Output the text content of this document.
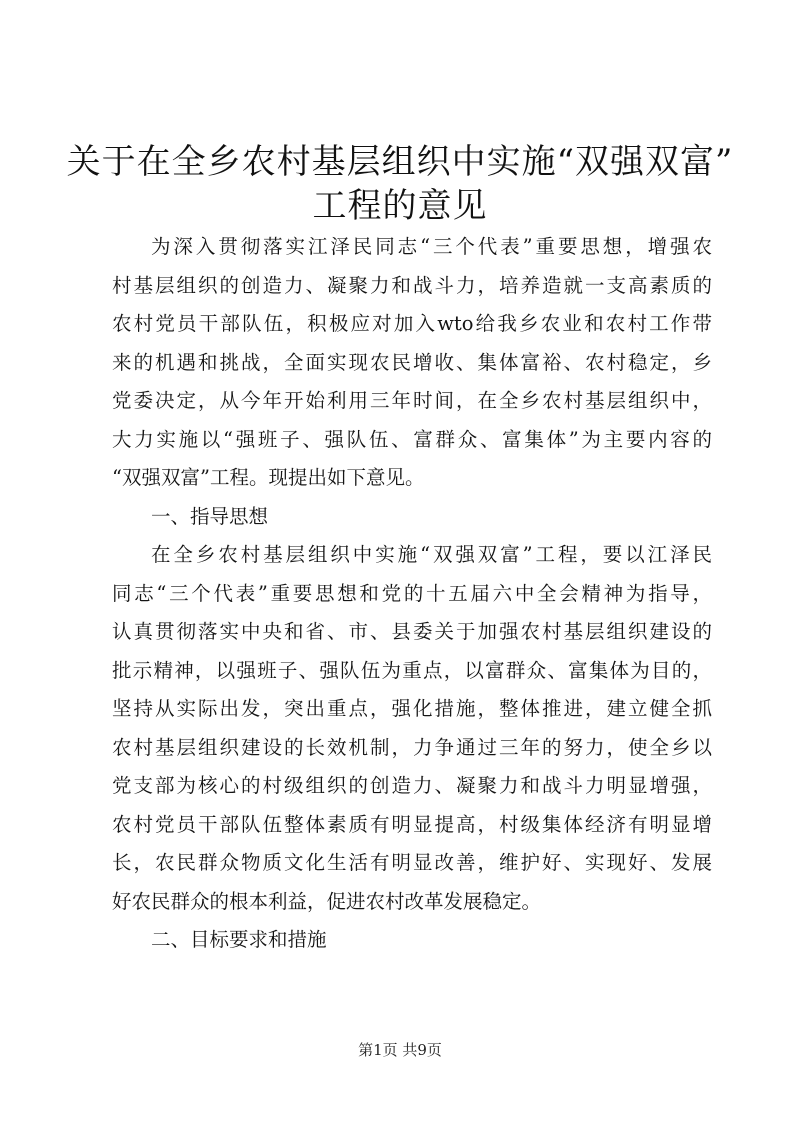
关于在全乡农村基层组织中实施“双强双富”
工程的意见
为深入贯彻落实江泽民同志“三个代表”重要思想，增强农
村基层组织的创造力、凝聚力和战斗力，培养造就一支高素质的
农村党员干部队伍，积极应对加入wto给我乡农业和农村工作带
来的机遇和挑战，全面实现农民增收、集体富裕、农村稳定，乡
党委决定，从今年开始利用三年时间，在全乡农村基层组织中，
大力实施以“强班子、强队伍、富群众、富集体”为主要内容的
“双强双富”工程。现提出如下意见。
一、指导思想
在全乡农村基层组织中实施“双强双富”工程，要以江泽民
同志“三个代表”重要思想和党的十五届六中全会精神为指导，
认真贯彻落实中央和省、市、县委关于加强农村基层组织建设的
批示精神，以强班子、强队伍为重点，以富群众、富集体为目的，
坚持从实际出发，突出重点，强化措施，整体推进，建立健全抓
农村基层组织建设的长效机制，力争通过三年的努力，使全乡以
党支部为核心的村级组织的创造力、凝聚力和战斗力明显增强，
农村党员干部队伍整体素质有明显提高，村级集体经济有明显增
长，农民群众物质文化生活有明显改善，维护好、实现好、发展
好农民群众的根本利益，促进农村改革发展稳定。
二、目标要求和措施
第1页 共9页
